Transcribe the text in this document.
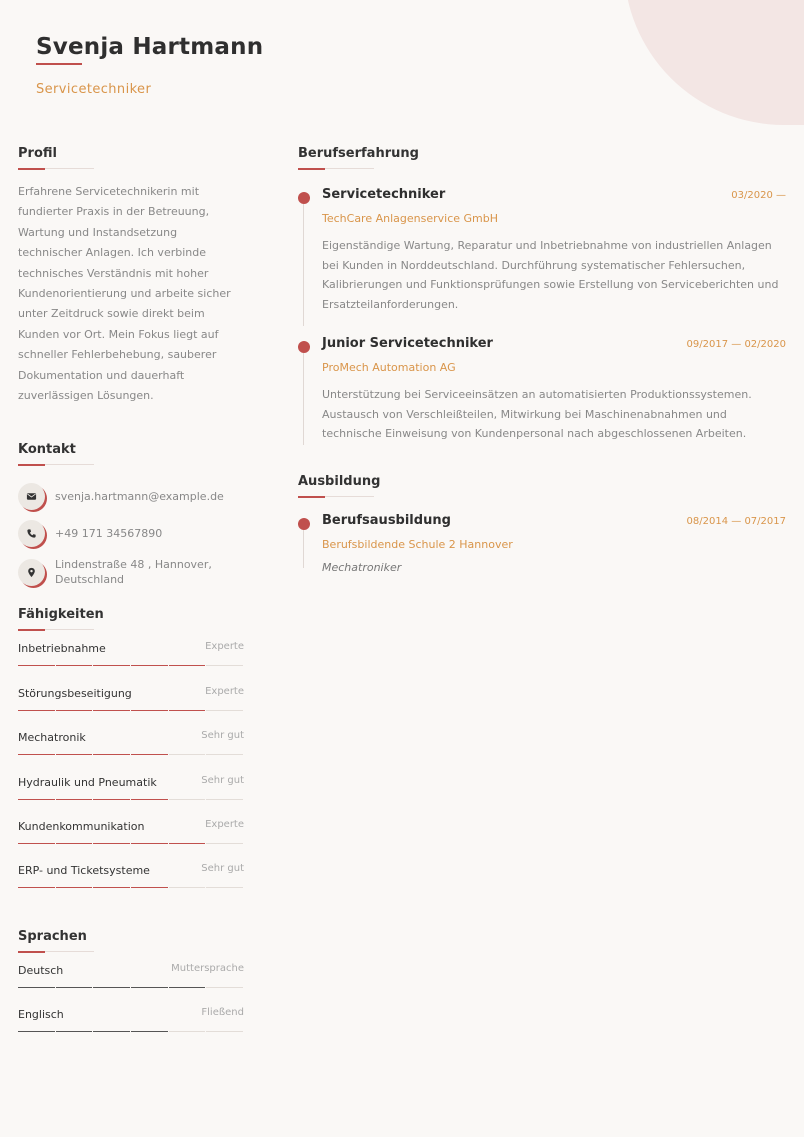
Svenja Hartmann
Servicetechniker
Profil
Erfahrene Servicetechnikerin mit fundierter Praxis in der Betreuung, Wartung und Instandsetzung technischer Anlagen. Ich verbinde technisches Verständnis mit hoher Kundenorientierung und arbeite sicher unter Zeitdruck sowie direkt beim Kunden vor Ort. Mein Fokus liegt auf schneller Fehlerbehebung, sauberer Dokumentation und dauerhaft zuverlässigen Lösungen.
Kontakt
svenja.hartmann@example.de
+49 171 34567890
Lindenstraße 48 , Hannover, Deutschland
Fähigkeiten
Inbetriebnahme	Experte
Störungsbeseitigung	Experte
Mechatronik	Sehr gut
Hydraulik und Pneumatik	Sehr gut
Kundenkommunikation	Experte
ERP- und Ticketsysteme	Sehr gut
Sprachen
Deutsch	Muttersprache
Englisch	Fließend
Berufserfahrung
Servicetechniker	03/2020 —
TechCare Anlagenservice GmbH
Eigenständige Wartung, Reparatur und Inbetriebnahme von industriellen Anlagen bei Kunden in Norddeutschland. Durchführung systematischer Fehlersuchen, Kalibrierungen und Funktionsprüfungen sowie Erstellung von Serviceberichten und Ersatzteilanforderungen.
Junior Servicetechniker	09/2017 — 02/2020
ProMech Automation AG
Unterstützung bei Serviceeinsätzen an automatisierten Produktionssystemen. Austausch von Verschleißteilen, Mitwirkung bei Maschinenabnahmen und technische Einweisung von Kundenpersonal nach abgeschlossenen Arbeiten.
Ausbildung
Berufsausbildung	08/2014 — 07/2017
Berufsbildende Schule 2 Hannover
Mechatroniker
